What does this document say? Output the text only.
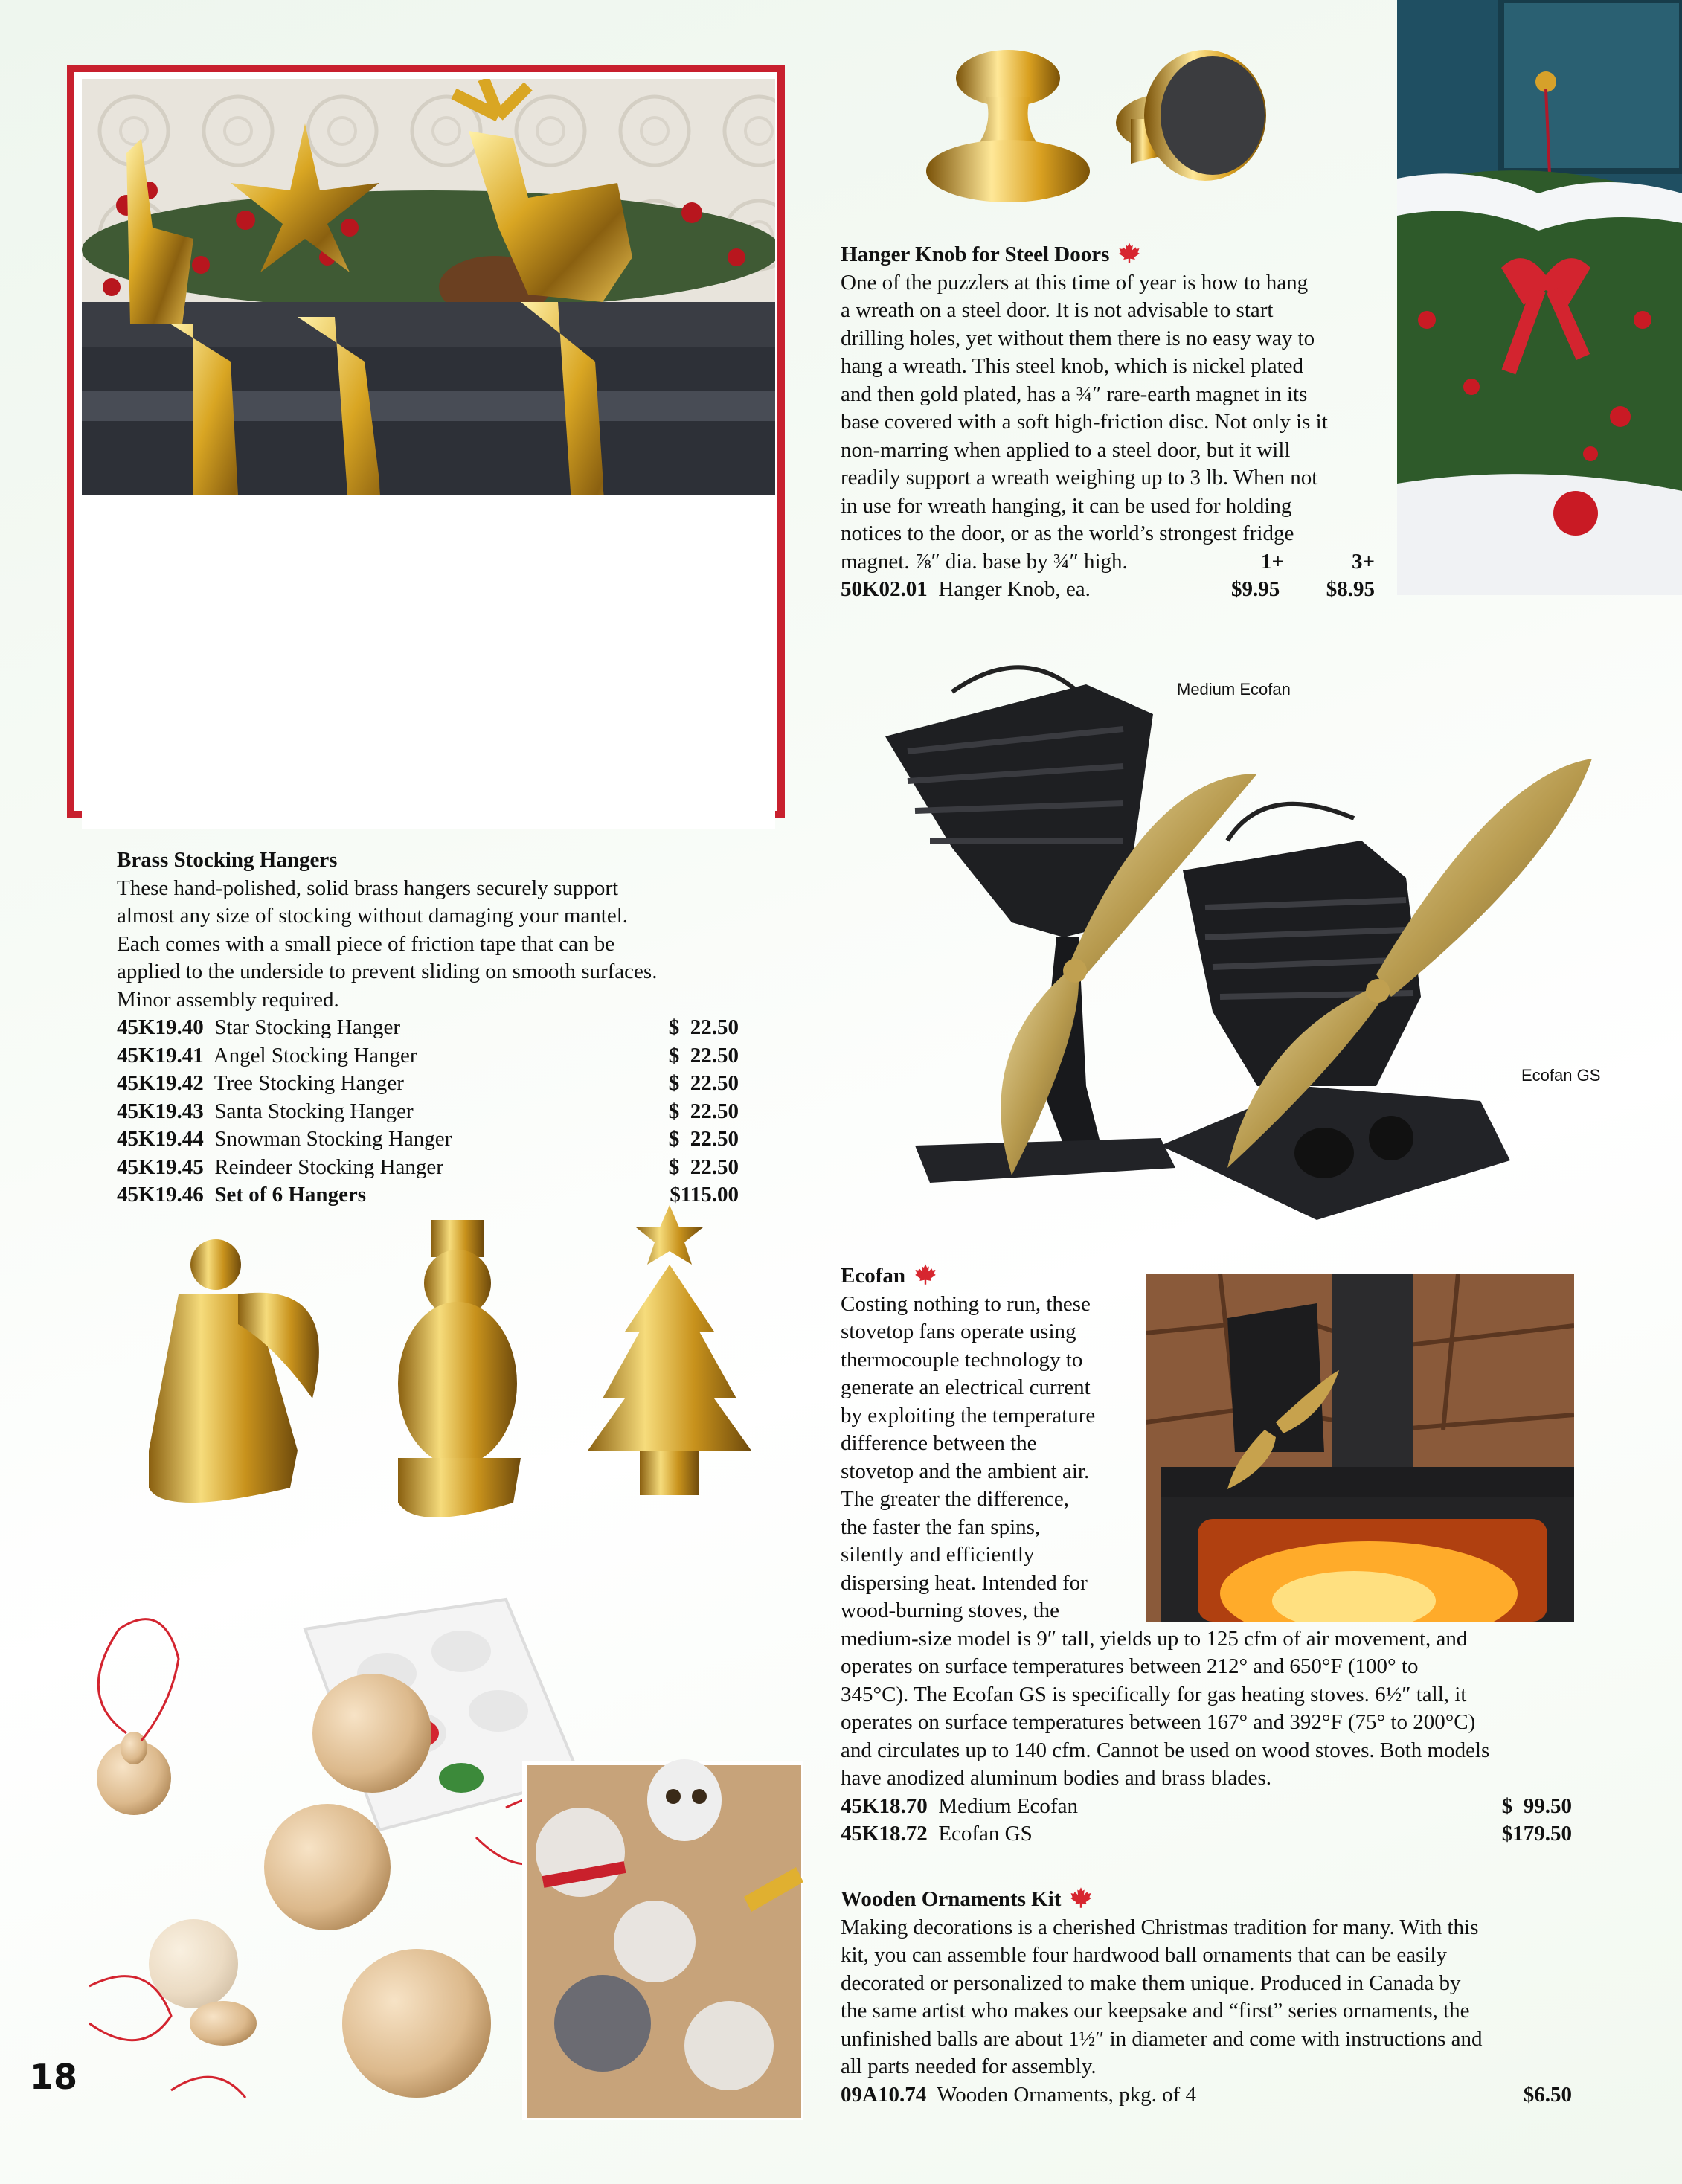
Brass Stocking Hangers
These hand-polished, solid brass hangers securely support
almost any size of stocking without damaging your mantel.
Each comes with a small piece of friction tape that can be
applied to the underside to prevent sliding on smooth surfaces.
Minor assembly required.
45K19.40 Star Stocking Hanger	$  22.50
45K19.41 Angel Stocking Hanger	$  22.50
45K19.42 Tree Stocking Hanger	$  22.50
45K19.43 Santa Stocking Hanger	$  22.50
45K19.44 Snowman Stocking Hanger	$  22.50
45K19.45 Reindeer Stocking Hanger	$  22.50
45K19.46 Set of 6 Hangers	$115.00
Hanger Knob for Steel Doors
One of the puzzlers at this time of year is how to hang
a wreath on a steel door. It is not advisable to start
drilling holes, yet without them there is no easy way to
hang a wreath. This steel knob, which is nickel plated
and then gold plated, has a ¾″ rare-earth magnet in its
base covered with a soft high-friction disc. Not only is it
non-marring when applied to a steel door, but it will
readily support a wreath weighing up to 3 lb. When not
in use for wreath hanging, it can be used for holding
notices to the door, or as the world’s strongest fridge
magnet. ⅞″ dia. base by ¾″ high.	1+	3+
50K02.01 Hanger Knob, ea.	$9.95 $8.95
Medium Ecofan
Ecofan GS
Ecofan
Costing nothing to run, these
stovetop fans operate using
thermocouple technology to
generate an electrical current
by exploiting the temperature
difference between the
stovetop and the ambient air.
The greater the difference,
the faster the fan spins,
silently and efficiently
dispersing heat. Intended for
wood-burning stoves, the
medium-size model is 9″ tall, yields up to 125 cfm of air movement, and
operates on surface temperatures between 212° and 650°F (100° to
345°C). The Ecofan GS is specifically for gas heating stoves. 6½″ tall, it
operates on surface temperatures between 167° and 392°F (75° to 200°C)
and circulates up to 140 cfm. Cannot be used on wood stoves. Both models
have anodized aluminum bodies and brass blades.
45K18.70 Medium Ecofan	$  99.50
45K18.72 Ecofan GS	$179.50
Wooden Ornaments Kit
Making decorations is a cherished Christmas tradition for many. With this
kit, you can assemble four hardwood ball ornaments that can be easily
decorated or personalized to make them unique. Produced in Canada by
the same artist who makes our keepsake and “first” series ornaments, the
unfinished balls are about 1½″ in diameter and come with instructions and
all parts needed for assembly.
09A10.74 Wooden Ornaments, pkg. of 4	$6.50
18
